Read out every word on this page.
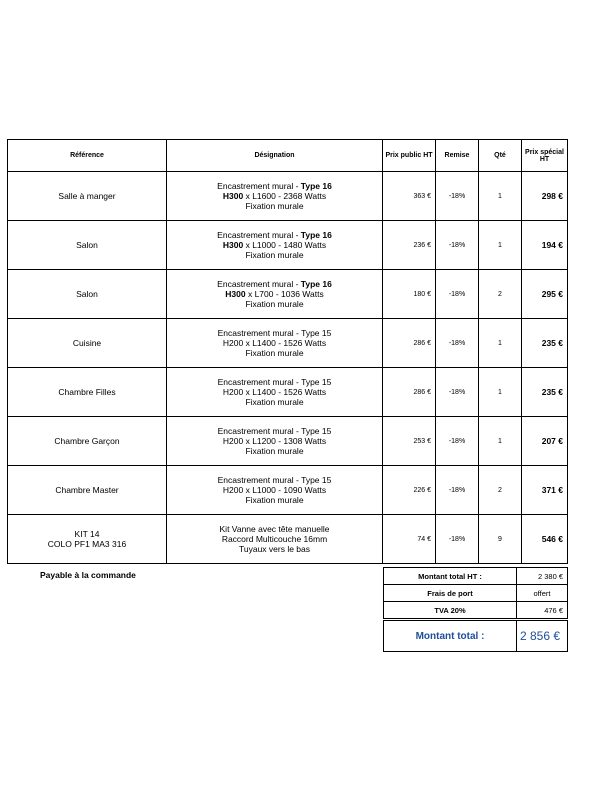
Référence	Désignation	Prix public HT	Remise	Qté	Prix spécial HT

Salle à manger	Encastrement mural - Type 16
H300 x L1600 - 2368 Watts
Fixation murale	363 €	-18%	1	298 €

Salon	Encastrement mural - Type 16
H300 x L1000 - 1480 Watts
Fixation murale	236 €	-18%	1	194 €

Salon	Encastrement mural - Type 16
H300 x L700 - 1036 Watts
Fixation murale	180 €	-18%	2	295 €

Cuisine	Encastrement mural - Type 15
H200 x L1400 - 1526 Watts
Fixation murale	286 €	-18%	1	235 €

Chambre Filles	Encastrement mural - Type 15
H200 x L1400 - 1526 Watts
Fixation murale	286 €	-18%	1	235 €

Chambre Garçon	Encastrement mural - Type 15
H200 x L1200 - 1308 Watts
Fixation murale	253 €	-18%	1	207 €

Chambre Master	Encastrement mural - Type 15
H200 x L1000 - 1090 Watts
Fixation murale	226 €	-18%	2	371 €

KIT 14
COLO PF1 MA3 316	Kit Vanne avec tête manuelle
Raccord Multicouche 16mm
Tuyaux vers le bas	74 €	-18%	9	546 €
Payable à la commande	Montant total HT :	2 380 €
Frais de port	offert
TVA 20%	476 €
Montant total :	2 856 €
